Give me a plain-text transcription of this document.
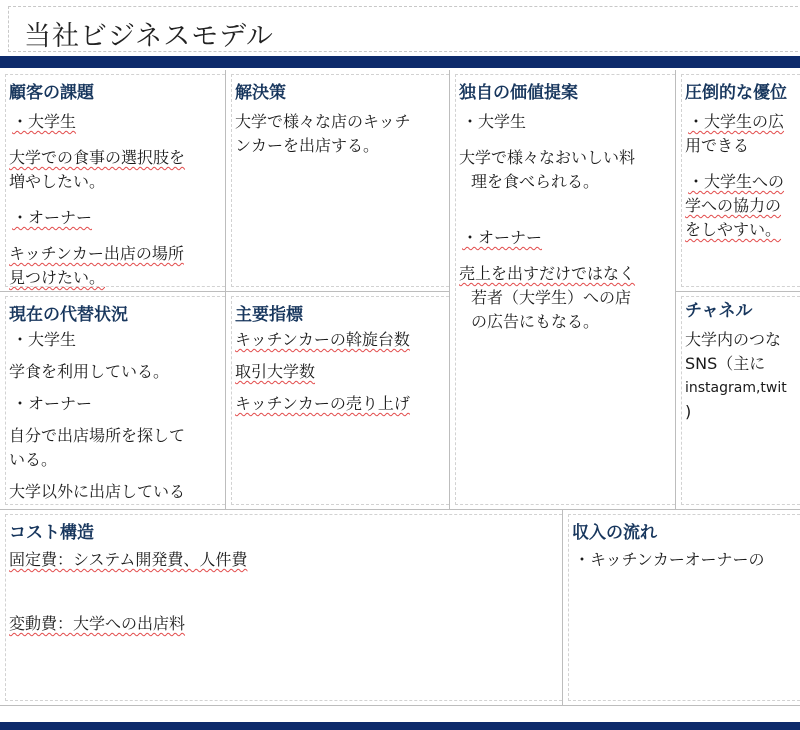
当社ビジネスモデル
顧客の課題
・大学生
大学での食事の選択肢を
増やしたい。
・オーナー
キッチンカー出店の場所
見つけたい。
解決策
大学で様々な店のキッチ
ンカーを出店する。
独自の価値提案
・大学生
大学で様々なおいしい料
理を食べられる。
・オーナー
売上を出すだけではなく
若者（大学生）への店
の広告にもなる。
圧倒的な優位
・大学生の広
用できる
・大学生への
学への協力の
をしやすい。
現在の代替状況
・大学生
学食を利用している。
・オーナー
自分で出店場所を探して
いる。
大学以外に出店している
主要指標
キッチンカーの斡旋台数
取引大学数
キッチンカーの売り上げ
チャネル
大学内のつな
SNS（主に
instagram,twit
)
コスト構造
固定費：システム開発費、人件費
変動費：大学への出店料
収入の流れ
・キッチンカーオーナーの
